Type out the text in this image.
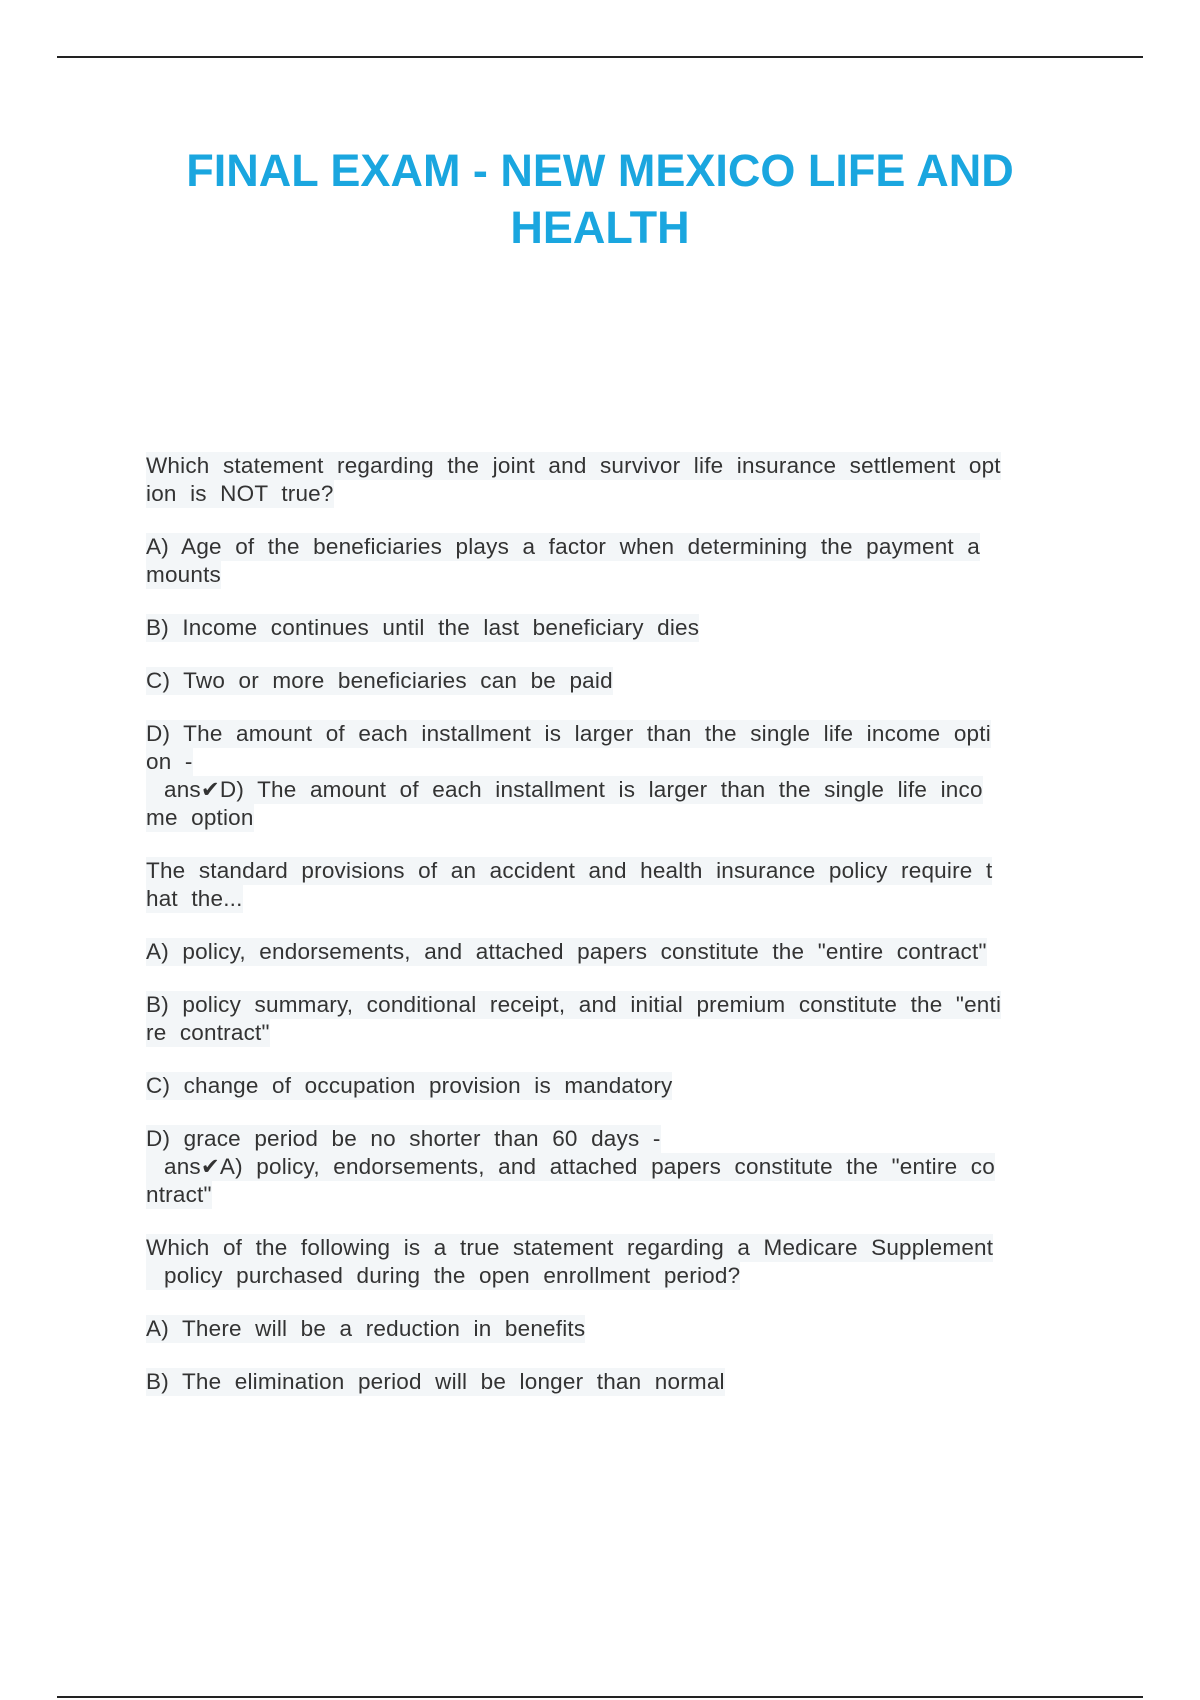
FINAL EXAM - NEW MEXICO LIFE AND
HEALTH

Which statement regarding the joint and survivor life insurance settlement opt
ion is NOT true?

A) Age of the beneficiaries plays a factor when determining the payment a
mounts

B) Income continues until the last beneficiary dies

C) Two or more beneficiaries can be paid

D) The amount of each installment is larger than the single life income opti
on -
ans✔D) The amount of each installment is larger than the single life inco
me option

The standard provisions of an accident and health insurance policy require t
hat the...

A) policy, endorsements, and attached papers constitute the "entire contract"

B) policy summary, conditional receipt, and initial premium constitute the "enti
re contract"

C) change of occupation provision is mandatory

D) grace period be no shorter than 60 days -
ans✔A) policy, endorsements, and attached papers constitute the "entire co
ntract"

Which of the following is a true statement regarding a Medicare Supplement
policy purchased during the open enrollment period?

A) There will be a reduction in benefits

B) The elimination period will be longer than normal
